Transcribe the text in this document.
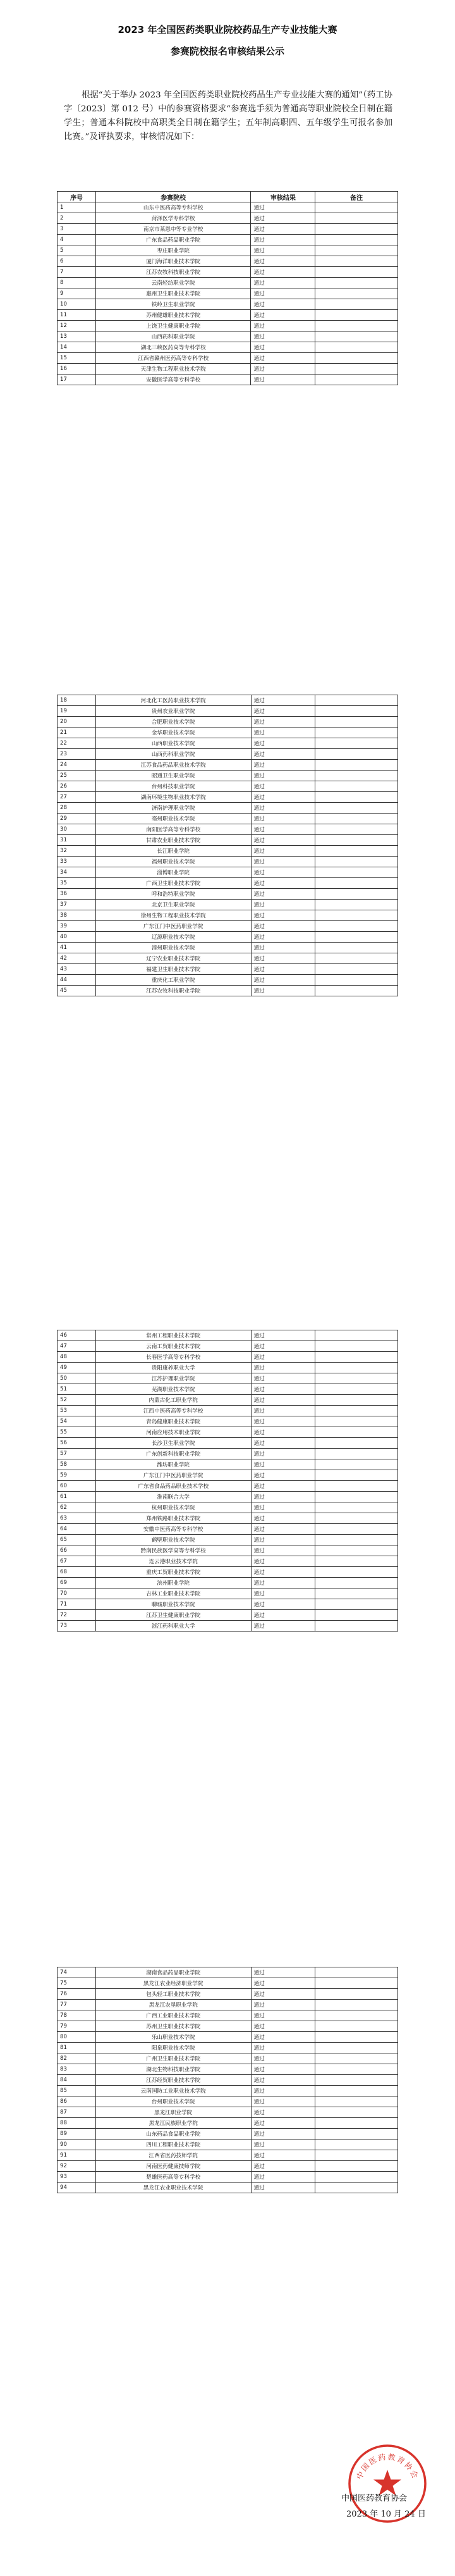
2023 年全国医药类职业院校药品生产专业技能大赛
参赛院校报名审核结果公示

根据“关于举办 2023 年全国医药类职业院校药品生产专业技能大赛的通知”（药工协字〔2023〕第 012 号）中的参赛资格要求“参赛选手须为普通高等职业院校全日制在籍学生；普通本科院校中高职类全日制在籍学生；五年制高职四、五年级学生可报名参加比赛。”及评执要求，审核情况如下：

序号	参赛院校	审核结果	备注
1	山东中医药高等专科学校	通过	
2	菏泽医学专科学校	通过	
3	南京市莱恩中等专业学校	通过	
4	广东食品药品职业学院	通过	
5	枣庄职业学院	通过	
6	厦门海洋职业技术学院	通过	
7	江苏农牧科技职业学院	通过	
8	云南轻纺职业学院	通过	
9	惠州卫生职业技术学院	通过	
10	铁岭卫生职业学院	通过	
11	苏州健雄职业技术学院	通过	
12	上饶卫生健康职业学院	通过	
13	山西药科职业学院	通过	
14	湖北三峡医药高等专科学校	通过	
15	江西省赣州医药高等专科学校	通过	
16	天津生物工程职业技术学院	通过	
17	安徽医学高等专科学校	通过	
18	河北化工医药职业技术学院	通过	
19	贵州农业职业学院	通过	
20	合肥职业技术学院	通过	
21	金华职业技术学院	通过	
22	山西职业技术学院	通过	
23	山西药科职业学院	通过	
24	江苏食品药品职业技术学院	通过	
25	昭通卫生职业学院	通过	
26	台州科技职业学院	通过	
27	湖南环境生物职业技术学院	通过	
28	济南护理职业学院	通过	
29	亳州职业技术学院	通过	
30	南阳医学高等专科学校	通过	
31	甘肃农业职业技术学院	通过	
32	长江职业学院	通过	
33	福州职业技术学院	通过	
34	淄博职业学院	通过	
35	广西卫生职业技术学院	通过	
36	呼和浩特职业学院	通过	
37	北京卫生职业学院	通过	
38	徐州生物工程职业技术学院	通过	
39	广东江门中医药职业学院	通过	
40	辽源职业技术学院	通过	
41	漳州职业技术学院	通过	
42	辽宁农业职业技术学院	通过	
43	福建卫生职业技术学院	通过	
44	重庆化工职业学院	通过	
45	江苏农牧科技职业学院	通过	
46	常州工程职业技术学院	通过	
47	云南工贸职业技术学院	通过	
48	长春医学高等专科学校	通过	
49	贵阳康养职业大学	通过	
50	江苏护理职业学院	通过	
51	芜湖职业技术学院	通过	
52	内蒙古化工职业学院	通过	
53	江西中医药高等专科学校	通过	
54	青岛健康职业技术学院	通过	
55	河南应用技术职业学院	通过	
56	长沙卫生职业学院	通过	
57	广东创新科技职业学院	通过	
58	潍坊职业学院	通过	
59	广东江门中医药职业学院	通过	
60	广东省食品药品职业技术学校	通过	
61	淮南联合大学	通过	
62	杭州职业技术学院	通过	
63	郑州铁路职业技术学院	通过	
64	安徽中医药高等专科学校	通过	
65	鹤壁职业技术学院	通过	
66	黔南民族医学高等专科学校	通过	
67	连云港职业技术学院	通过	
68	重庆工贸职业技术学院	通过	
69	滨州职业学院	通过	
70	吉林工业职业技术学院	通过	
71	聊城职业技术学院	通过	
72	江苏卫生健康职业学院	通过	
73	浙江药科职业大学	通过	
74	湖南食品药品职业学院	通过	
75	黑龙江农业经济职业学院	通过	
76	包头轻工职业技术学院	通过	
77	黑龙江农垦职业学院	通过	
78	广西工业职业技术学院	通过	
79	苏州卫生职业技术学院	通过	
80	乐山职业技术学院	通过	
81	阳泉职业技术学院	通过	
82	广州卫生职业技术学院	通过	
83	湖北生物科技职业学院	通过	
84	江苏经贸职业技术学院	通过	
85	云南国防工业职业技术学院	通过	
86	台州职业技术学院	通过	
87	黑龙江职业学院	通过	
88	黑龙江民族职业学院	通过	
89	山东药品食品职业学院	通过	
90	四川工程职业技术学院	通过	
91	江西省医药技师学院	通过	
92	河南医药健康技师学院	通过	
93	楚雄医药高等专科学校	通过	
94	黑龙江农业职业技术学院	通过	
中国医药教育协会
中国医药教育协会
2023 年 10 月 24 日
